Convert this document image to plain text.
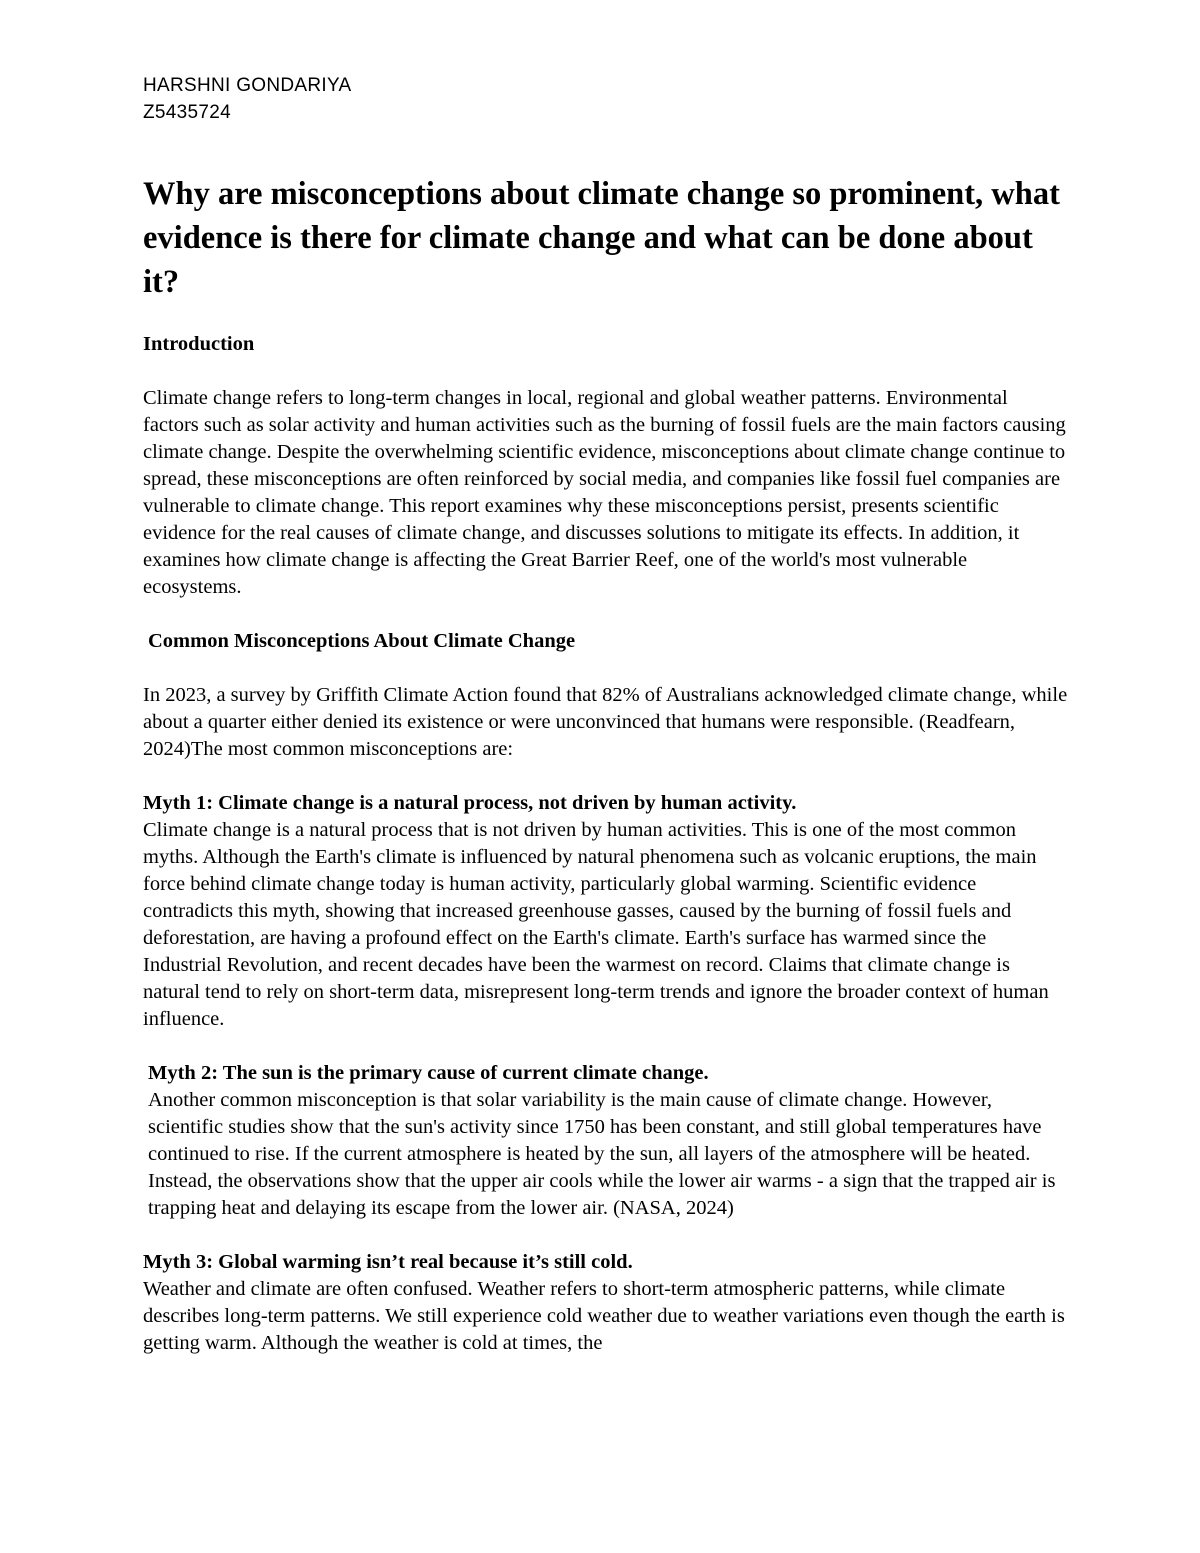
HARSHNI GONDARIYA
Z5435724
Why are misconceptions about climate change so prominent, what evidence is there for climate change and what can be done about it?

Introduction

Climate change refers to long-term changes in local, regional and global weather patterns. Environmental factors such as solar activity and human activities such as the burning of fossil fuels are the main factors causing climate change. Despite the overwhelming scientific evidence, misconceptions about climate change continue to spread, these misconceptions are often reinforced by social media, and companies like fossil fuel companies are vulnerable to climate change. This report examines why these misconceptions persist, presents scientific evidence for the real causes of climate change, and discusses solutions to mitigate its effects. In addition, it examines how climate change is affecting the Great Barrier Reef, one of the world's most vulnerable ecosystems.

Common Misconceptions About Climate Change

In 2023, a survey by Griffith Climate Action found that 82% of Australians acknowledged climate change, while about a quarter either denied its existence or were unconvinced that humans were responsible. (Readfearn, 2024)The most common misconceptions are:

Myth 1: Climate change is a natural process, not driven by human activity.

Climate change is a natural process that is not driven by human activities. This is one of the most common myths. Although the Earth's climate is influenced by natural phenomena such as volcanic eruptions, the main force behind climate change today is human activity, particularly global warming. Scientific evidence contradicts this myth, showing that increased greenhouse gasses, caused by the burning of fossil fuels and deforestation, are having a profound effect on the Earth's climate. Earth's surface has warmed since the Industrial Revolution, and recent decades have been the warmest on record. Claims that climate change is natural tend to rely on short-term data, misrepresent long-term trends and ignore the broader context of human influence.

Myth 2: The sun is the primary cause of current climate change.

Another common misconception is that solar variability is the main cause of climate change. However, scientific studies show that the sun's activity since 1750 has been constant, and still global temperatures have continued to rise. If the current atmosphere is heated by the sun, all layers of the atmosphere will be heated. Instead, the observations show that the upper air cools while the lower air warms - a sign that the trapped air is trapping heat and delaying its escape from the lower air. (NASA, 2024)

Myth 3: Global warming isn’t real because it’s still cold.

Weather and climate are often confused. Weather refers to short-term atmospheric patterns, while climate describes long-term patterns. We still experience cold weather due to weather variations even though the earth is getting warm. Although the weather is cold at times, the
